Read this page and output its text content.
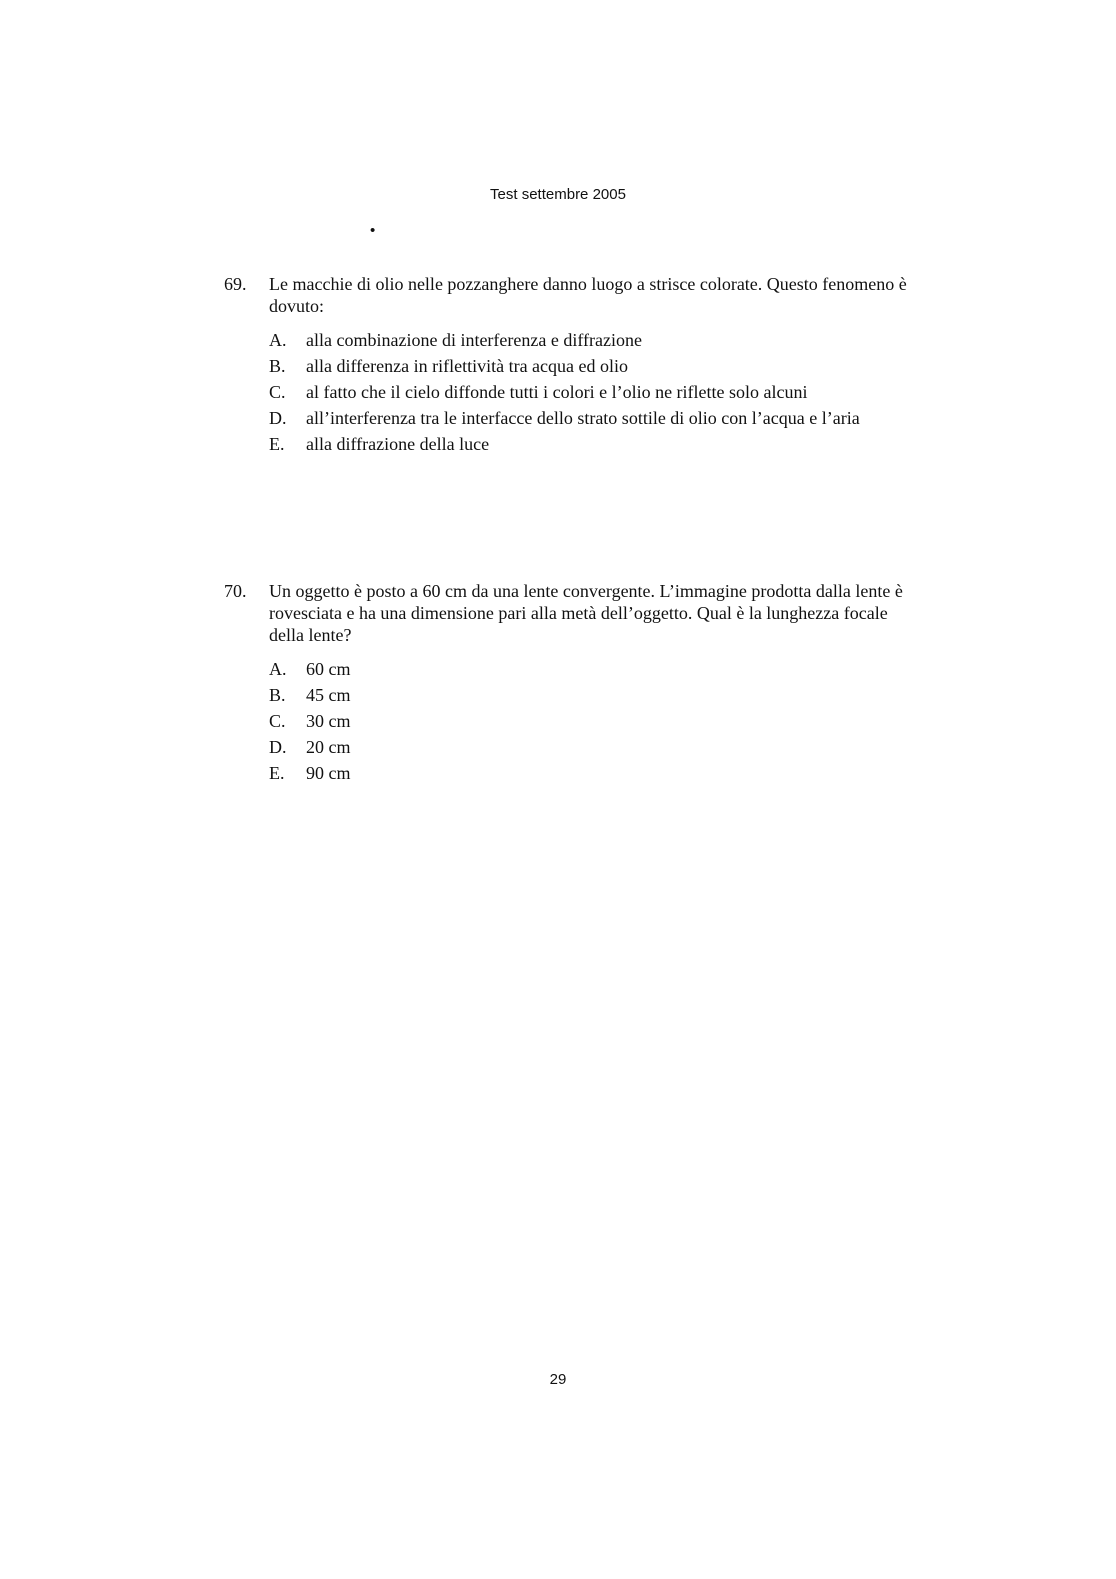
Test settembre 2005
•
69.	Le macchie di olio nelle pozzanghere danno luogo a strisce colorate. Questo fenomeno è dovuto:
A.	alla combinazione di interferenza e diffrazione
B.	alla differenza in riflettività tra acqua ed olio
C.	al fatto che il cielo diffonde tutti i colori e l’olio ne riflette solo alcuni
D.	all’interferenza tra le interfacce dello strato sottile di olio con l’acqua e l’aria
E.	alla diffrazione della luce
70.	Un oggetto è posto a 60 cm da una lente convergente. L’immagine prodotta dalla lente è rovesciata e ha una dimensione pari alla metà dell’oggetto. Qual è la lunghezza focale della lente?
A.	60 cm
B.	45 cm
C.	30 cm
D.	20 cm
E.	90 cm
29
